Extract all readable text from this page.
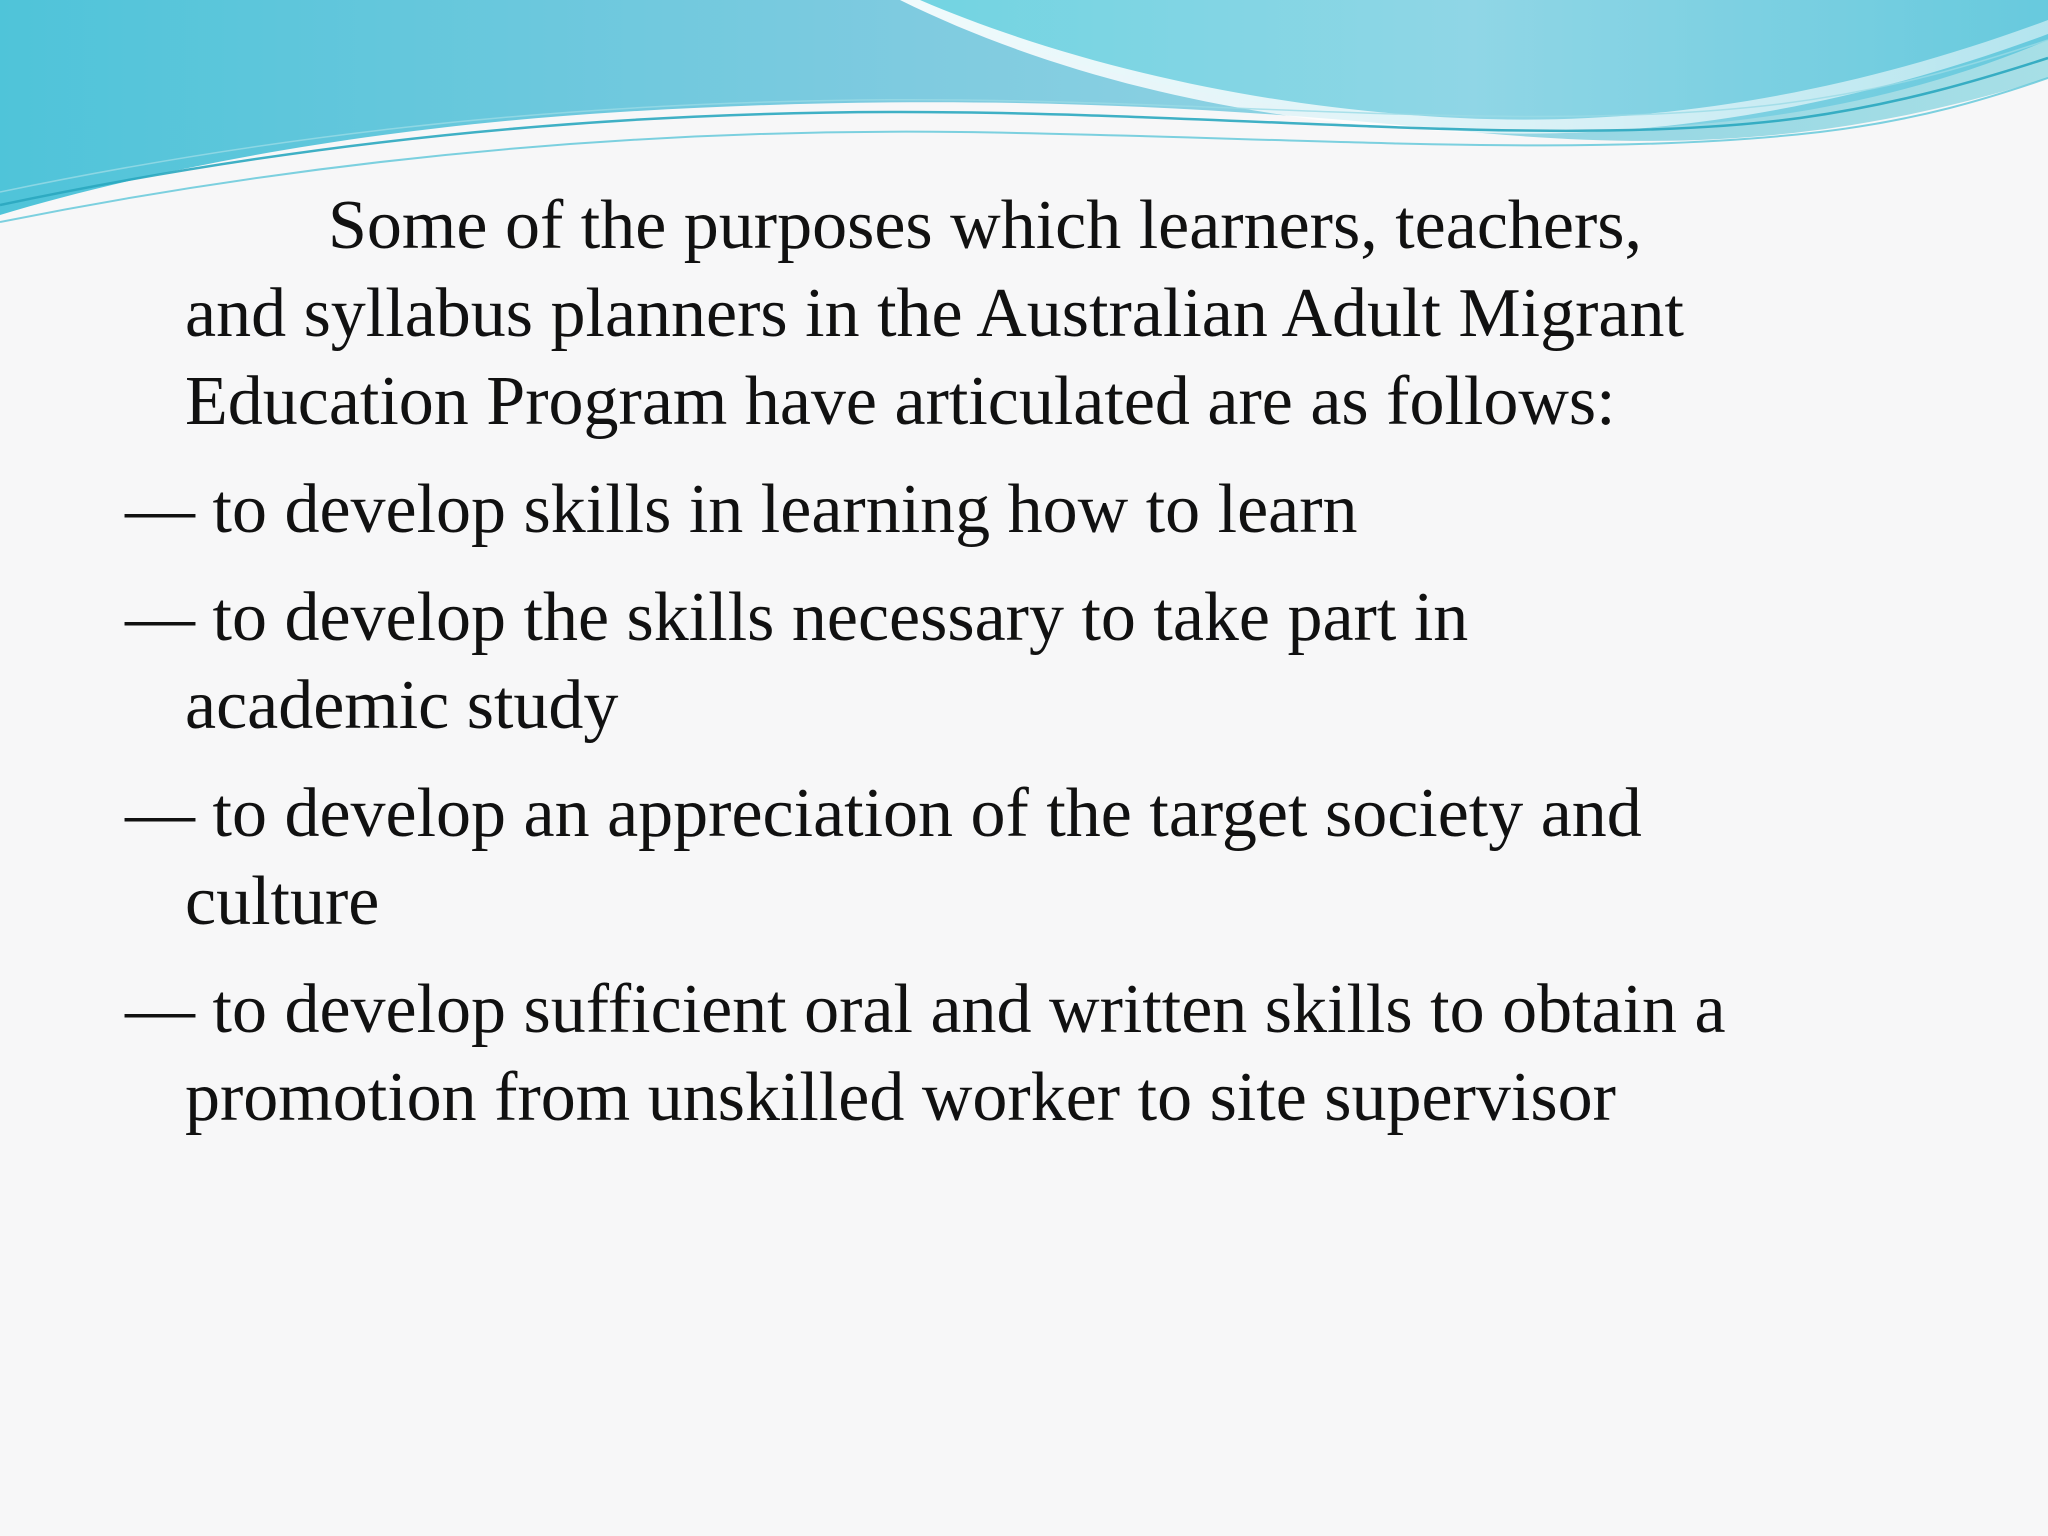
Some of the purposes which learners, teachers,
and syllabus planners in the Australian Adult Migrant
Education Program have articulated are as follows:

— to develop skills in learning how to learn

— to develop the skills necessary to take part in
academic study

— to develop an appreciation of the target society and
culture

— to develop sufficient oral and written skills to obtain a
promotion from unskilled worker to site supervisor
